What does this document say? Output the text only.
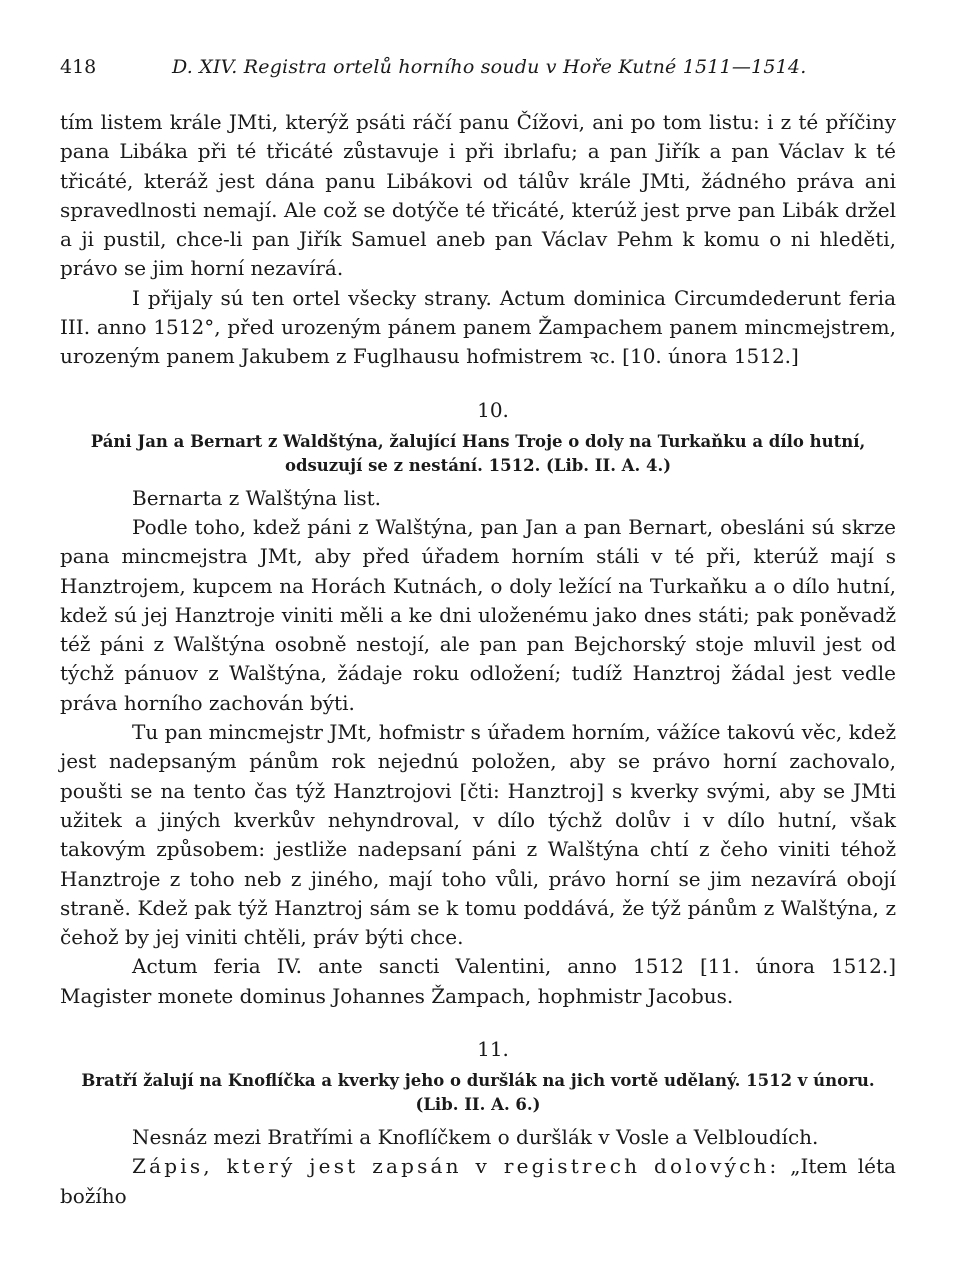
418	D. XIV. Registra ortelů horního soudu v Hoře Kutné 1511—1514.

tím listem krále JMti, kterýž psáti ráčí panu Čížovi, ani po tom listu: i z té příčiny pana Libáka při té třicáté zůstavuje i při ibrlafu; a pan Jiřík a pan Václav k té třicáté, kteráž jest dána panu Libákovi od tálův krále JMti, žádného práva ani spravedlnosti nemají. Ale což se dotýče té třicáté, kterúž jest prve pan Libák držel a ji pustil, chce-li pan Jiřík Samuel aneb pan Václav Pehm k komu o ni hleděti, právo se jim horní nezavírá.

I přijaly sú ten ortel všecky strany. Actum dominica Circumdederunt feria III. anno 1512°, před urozeným pánem panem Žampachem panem mincmejstrem, urozeným panem Jakubem z Fuglhausu hofmistrem ꝛc. [10. února 1512.]

10.

Páni Jan a Bernart z Waldštýna, žalující Hans Troje o doly na Turkaňku a dílo hutní, odsuzují se z nestání. 1512. (Lib. II. A. 4.)

Bernarta z Walštýna list.

Podle toho, kdež páni z Walštýna, pan Jan a pan Bernart, obesláni sú skrze pana mincmejstra JMt, aby před úřadem horním stáli v té při, kterúž mají s Hanztrojem, kupcem na Horách Kutnách, o doly ležící na Turkaňku a o dílo hutní, kdež sú jej Hanztroje viniti měli a ke dni uloženému jako dnes státi; pak poněvadž též páni z Walštýna osobně nestojí, ale pan pan Bejchorský stoje mluvil jest od týchž pánuov z Walštýna, žádaje roku odložení; tudíž Hanztroj žádal jest vedle práva horního zachován býti.

Tu pan mincmejstr JMt, hofmistr s úřadem horním, vážíce takovú věc, kdež jest nadepsaným pánům rok nejednú položen, aby se právo horní zachovalo, poušti se na tento čas týž Hanztrojovi [čti: Hanztroj] s kverky svými, aby se JMti užitek a jiných kverkův nehyndroval, v dílo týchž dolův i v dílo hutní, však takovým způsobem: jestliže nadepsaní páni z Walštýna chtí z čeho viniti téhož Hanztroje z toho neb z jiného, mají toho vůli, právo horní se jim nezavírá obojí straně. Kdež pak týž Hanztroj sám se k tomu poddává, že týž pánům z Walštýna, z čehož by jej viniti chtěli, práv býti chce.

Actum feria IV. ante sancti Valentini, anno 1512 [11. února 1512.] Magister monete dominus Johannes Žampach, hophmistr Jacobus.

11.

Bratří žalují na Knoflíčka a kverky jeho o duršlák na jich vortě udělaný. 1512 v únoru. (Lib. II. A. 6.)

Nesnáz mezi Bratřími a Knoflíčkem o duršlák v Vosle a Velbloudích.

Zápis, který jest zapsán v registrech dolových: „Item léta božího
